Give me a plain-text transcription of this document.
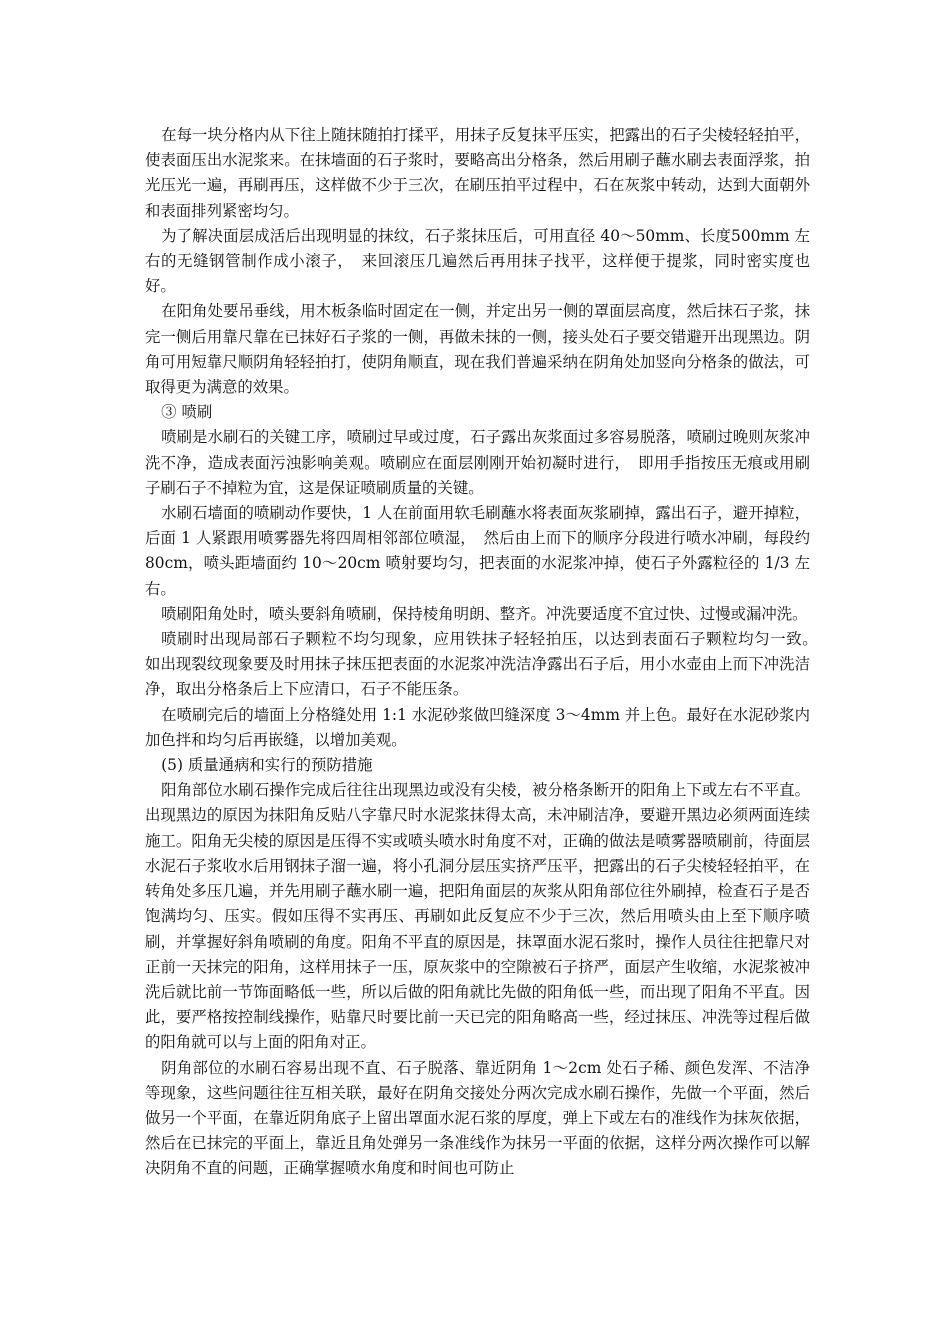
在每一块分格内从下往上随抹随拍打揉平，用抹子反复抹平压实，把露出的石子尖棱轻轻拍平，使表面压出水泥浆来。在抹墙面的石子浆时，要略高出分格条，然后用刷子蘸水刷去表面浮浆，拍光压光一遍，再刷再压，这样做不少于三次，在刷压拍平过程中，石在灰浆中转动，达到大面朝外和表面排列紧密均匀。

为了解决面层成活后出现明显的抹纹，石子浆抹压后，可用直径 40～50mm、长度500mm 左右的无缝钢管制作成小滚子，　来回滚压几遍然后再用抹子找平，这样便于提浆，同时密实度也好。

在阳角处要吊垂线，用木板条临时固定在一侧，并定出另一侧的罩面层高度，然后抹石子浆，抹完一侧后用靠尺靠在已抹好石子浆的一侧，再做未抹的一侧，接头处石子要交错避开出现黑边。阴角可用短靠尺顺阴角轻轻拍打，使阴角顺直，现在我们普遍采纳在阴角处加竖向分格条的做法，可取得更为满意的效果。

③ 喷刷

喷刷是水刷石的关键工序，喷刷过早或过度，石子露出灰浆面过多容易脱落，喷刷过晚则灰浆冲洗不净，造成表面污浊影响美观。喷刷应在面层刚刚开始初凝时进行，　即用手指按压无痕或用刷子刷石子不掉粒为宜，这是保证喷刷质量的关键。

水刷石墙面的喷刷动作要快，1 人在前面用软毛刷蘸水将表面灰浆刷掉，露出石子，避开掉粒，后面 1 人紧跟用喷雾器先将四周相邻部位喷湿，　然后由上而下的顺序分段进行喷水冲刷，每段约 80cm，喷头距墙面约 10～20cm 喷射要均匀，把表面的水泥浆冲掉，使石子外露粒径的 1/3 左右。

喷刷阳角处时，喷头要斜角喷刷，保持棱角明朗、整齐。冲洗要适度不宜过快、过慢或漏冲洗。

喷刷时出现局部石子颗粒不均匀现象，应用铁抹子轻轻拍压，以达到表面石子颗粒均匀一致。　如出现裂纹现象要及时用抹子抹压把表面的水泥浆冲洗洁净露出石子后，用小水壶由上而下冲洗洁净，取出分格条后上下应清口，石子不能压条。

在喷刷完后的墙面上分格缝处用 1:1 水泥砂浆做凹缝深度 3～4mm 并上色。最好在水泥砂浆内加色拌和均匀后再嵌缝，以增加美观。

(5) 质量通病和实行的预防措施

阳角部位水刷石操作完成后往往出现黑边或没有尖棱，被分格条断开的阳角上下或左右不平直。出现黑边的原因为抹阳角反贴八字靠尺时水泥浆抹得太高，未冲刷洁净，要避开黑边必须两面连续施工。阳角无尖棱的原因是压得不实或喷头喷水时角度不对，正确的做法是喷雾器喷刷前，待面层水泥石子浆收水后用钢抹子溜一遍，将小孔洞分层压实挤严压平，把露出的石子尖棱轻轻拍平，在转角处多压几遍，并先用刷子蘸水刷一遍，把阳角面层的灰浆从阳角部位往外刷掉，检查石子是否饱满均匀、压实。假如压得不实再压、再刷如此反复应不少于三次，然后用喷头由上至下顺序喷刷，并掌握好斜角喷刷的角度。阳角不平直的原因是，抹罩面水泥石浆时，操作人员往往把靠尺对正前一天抹完的阳角，这样用抹子一压，原灰浆中的空隙被石子挤严，面层产生收缩，水泥浆被冲洗后就比前一节饰面略低一些，所以后做的阳角就比先做的阳角低一些，而出现了阳角不平直。因此，要严格按控制线操作，贴靠尺时要比前一天已完的阳角略高一些，经过抹压、冲洗等过程后做的阳角就可以与上面的阳角对正。

阴角部位的水刷石容易出现不直、石子脱落、靠近阴角 1～2cm 处石子稀、颜色发浑、不洁净等现象，这些问题往往互相关联，最好在阴角交接处分两次完成水刷石操作，先做一个平面，然后做另一个平面，在靠近阴角底子上留出罩面水泥石浆的厚度，弹上下或左右的准线作为抹灰依据，然后在已抹完的平面上，靠近且角处弹另一条准线作为抹另一平面的依据，这样分两次操作可以解决阴角不直的问题，正确掌握喷水角度和时间也可防止
